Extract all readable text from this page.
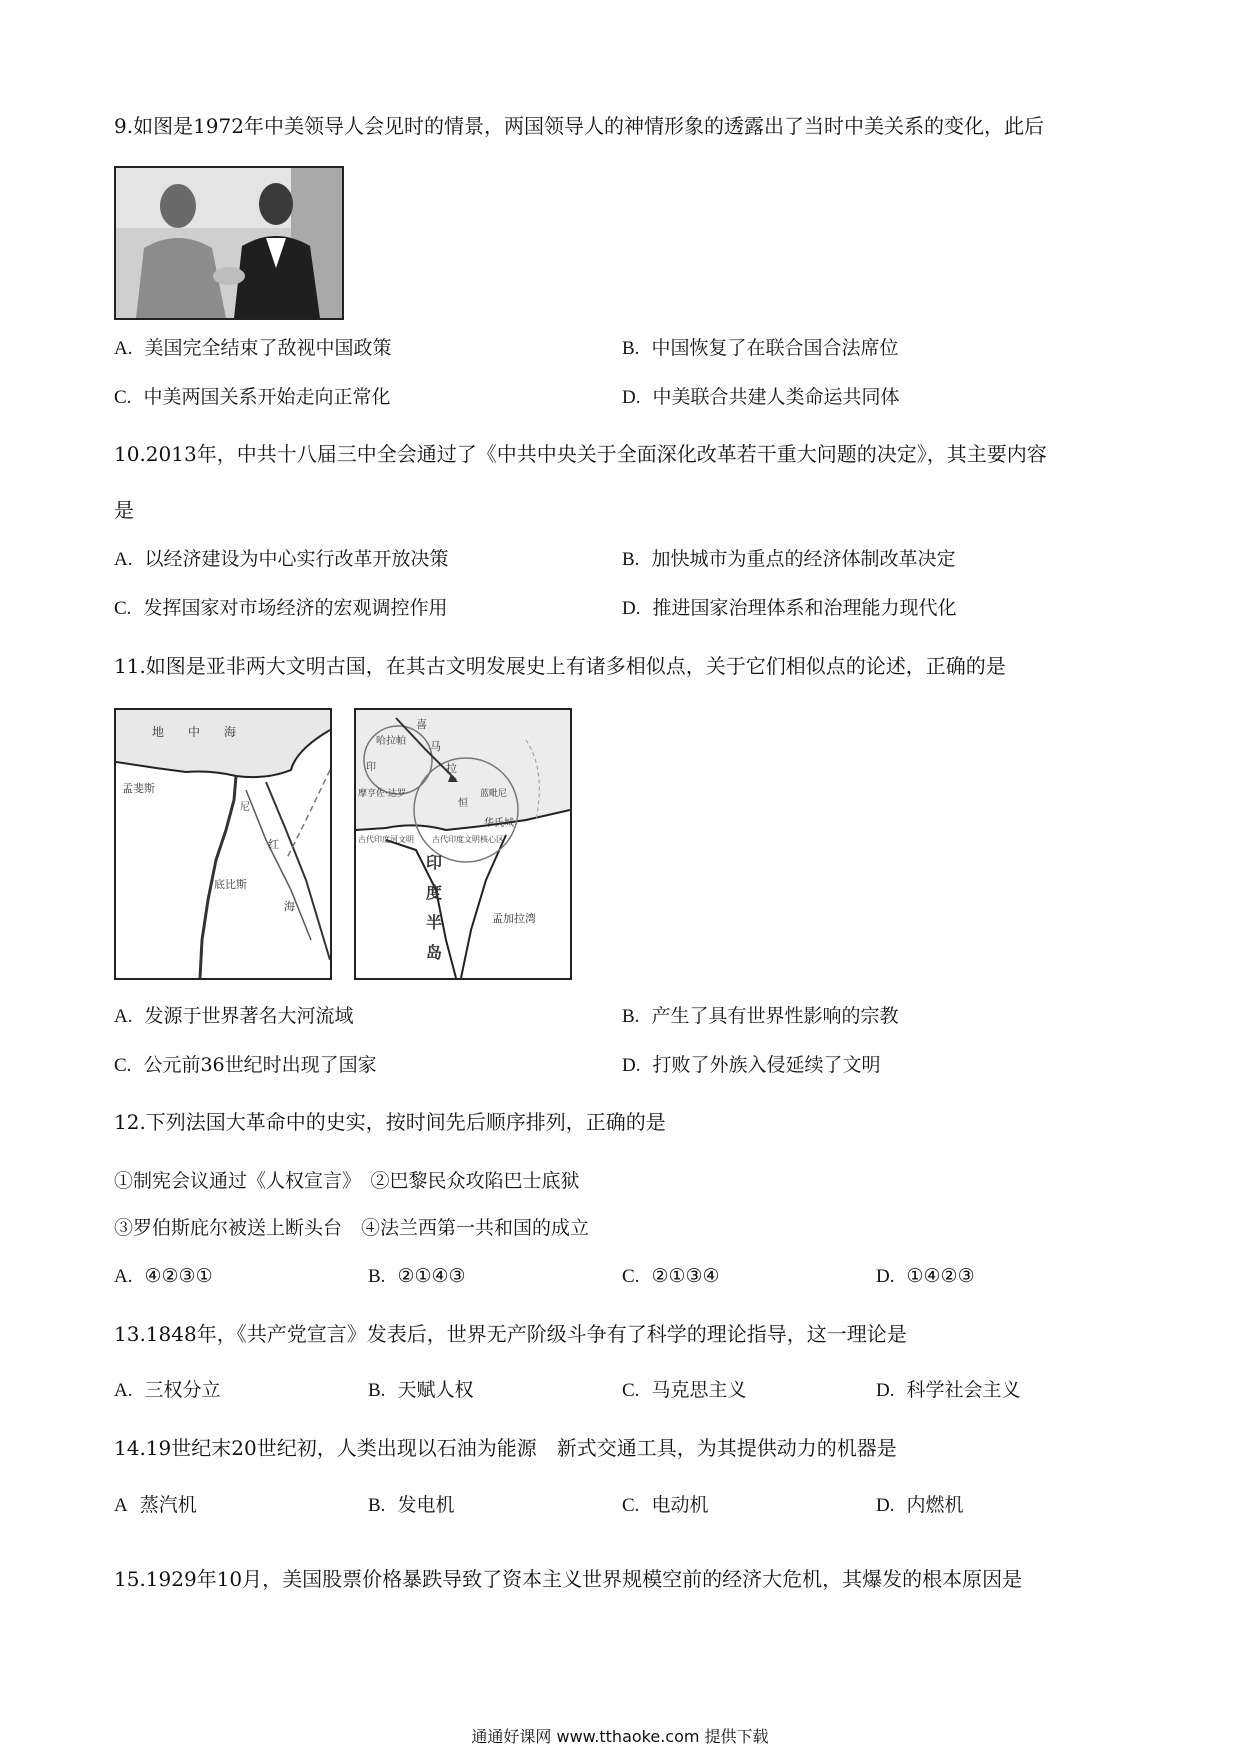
9.如图是1972年中美领导人会见时的情景，两国领导人的神情形象的透露出了当时中美关系的变化，此后
A. 美国完全结束了敌视中国政策	B. 中国恢复了在联合国合法席位
C. 中美两国关系开始走向正常化	D. 中美联合共建人类命运共同体
10.2013年，中共十八届三中全会通过了《中共中央关于全面深化改革若干重大问题的决定》，其主要内容
是
A. 以经济建设为中心实行改革开放决策	B. 加快城市为重点的经济体制改革决定
C. 发挥国家对市场经济的宏观调控作用	D. 推进国家治理体系和治理能力现代化
11.如图是亚非两大文明古国，在其古文明发展史上有诸多相似点，关于它们相似点的论述，正确的是
地 中 海
孟斐斯
尼
红
底比斯
海
喜
马
拉
哈拉帕
印
恒
摩亨佐·达罗	蓝毗尼
华氏城
古代印度河文明 古代印度文明核心区
印
度
半
岛
孟加拉湾
A. 发源于世界著名大河流域	B. 产生了具有世界性影响的宗教
C. 公元前36世纪时出现了国家	D. 打败了外族入侵延续了文明
12.下列法国大革命中的史实，按时间先后顺序排列，正确的是
①制宪会议通过《人权宣言》　②巴黎民众攻陷巴士底狱
③罗伯斯庇尔被送上断头台　④法兰西第一共和国的成立
A. ④②③①	B. ②①④③	C. ②①③④	D. ①④②③
13.1848年，《共产党宣言》发表后，世界无产阶级斗争有了科学的理论指导，这一理论是
A. 三权分立	B. 天赋人权	C. 马克思主义	D. 科学社会主义
14.19世纪末20世纪初，人类出现以石油为能源　新式交通工具，为其提供动力的机器是
A 蒸汽机	B. 发电机	C. 电动机	D. 内燃机
15.1929年10月，美国股票价格暴跌导致了资本主义世界规模空前的经济大危机，其爆发的根本原因是
通通好课网 www.tthaoke.com 提供下载
